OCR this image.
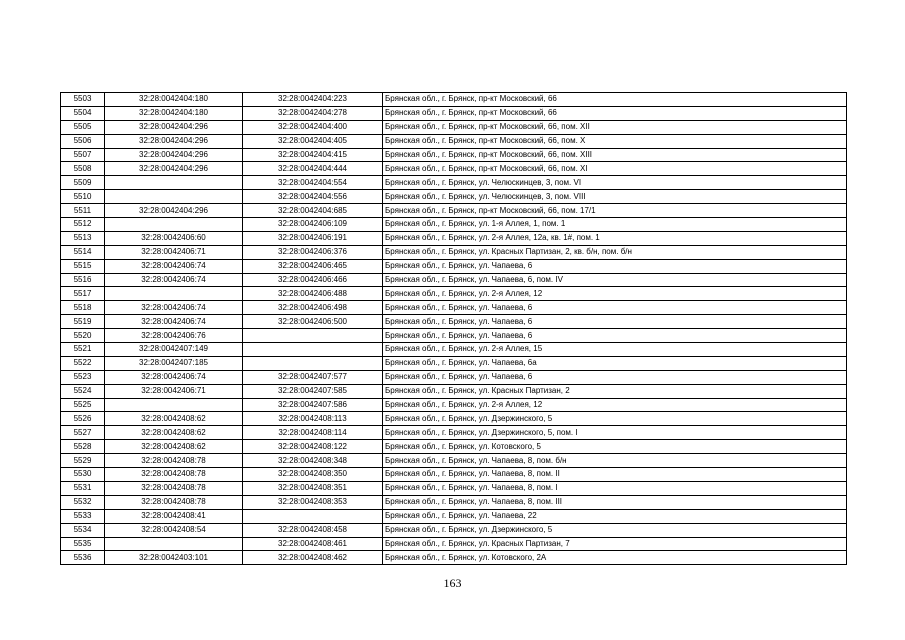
5503	32:28:0042404:180	32:28:0042404:223	Брянская обл., г. Брянск, пр-кт Московский, 66
5504	32:28:0042404:180	32:28:0042404:278	Брянская обл., г. Брянск, пр-кт Московский, 66
5505	32:28:0042404:296	32:28:0042404:400	Брянская обл., г. Брянск, пр-кт Московский, 66, пом. XII
5506	32:28:0042404:296	32:28:0042404:405	Брянская обл., г. Брянск, пр-кт Московский, 66, пом. X
5507	32:28:0042404:296	32:28:0042404:415	Брянская обл., г. Брянск, пр-кт Московский, 66, пом. XIII
5508	32:28:0042404:296	32:28:0042404:444	Брянская обл., г. Брянск, пр-кт Московский, 66, пом. XI
5509		32:28:0042404:554	Брянская обл., г. Брянск, ул. Челюскинцев, 3, пом. VI
5510		32:28:0042404:556	Брянская обл., г. Брянск, ул. Челюскинцев, 3, пом. VIII
5511	32:28:0042404:296	32:28:0042404:685	Брянская обл., г. Брянск, пр-кт Московский, 66, пом. 17/1
5512		32:28:0042406:109	Брянская обл., г. Брянск, ул. 1-я Аллея, 1, пом. 1
5513	32:28:0042406:60	32:28:0042406:191	Брянская обл., г. Брянск, ул. 2-я Аллея, 12а, кв. 1#, пом. 1
5514	32:28:0042406:71	32:28:0042406:376	Брянская обл., г. Брянск, ул. Красных Партизан, 2, кв. б/н, пом. б/н
5515	32:28:0042406:74	32:28:0042406:465	Брянская обл., г. Брянск, ул. Чапаева, 6
5516	32:28:0042406:74	32:28:0042406:466	Брянская обл., г. Брянск, ул. Чапаева, 6, пом. IV
5517		32:28:0042406:488	Брянская обл., г. Брянск, ул. 2-я Аллея, 12
5518	32:28:0042406:74	32:28:0042406:498	Брянская обл., г. Брянск, ул. Чапаева, 6
5519	32:28:0042406:74	32:28:0042406:500	Брянская обл., г. Брянск, ул. Чапаева, 6
5520	32:28:0042406:76		Брянская обл., г. Брянск, ул. Чапаева, 6
5521	32:28:0042407:149		Брянская обл., г. Брянск, ул. 2-я Аллея, 15
5522	32:28:0042407:185		Брянская обл., г. Брянск, ул. Чапаева, 6а
5523	32:28:0042406:74	32:28:0042407:577	Брянская обл., г. Брянск, ул. Чапаева, 6
5524	32:28:0042406:71	32:28:0042407:585	Брянская обл., г. Брянск, ул. Красных Партизан, 2
5525		32:28:0042407:586	Брянская обл., г. Брянск, ул. 2-я Аллея, 12
5526	32:28:0042408:62	32:28:0042408:113	Брянская обл., г. Брянск, ул. Дзержинского, 5
5527	32:28:0042408:62	32:28:0042408:114	Брянская обл., г. Брянск, ул. Дзержинского, 5, пом. I
5528	32:28:0042408:62	32:28:0042408:122	Брянская обл., г. Брянск, ул. Котовского, 5
5529	32:28:0042408:78	32:28:0042408:348	Брянская обл., г. Брянск, ул. Чапаева, 8, пом. б/н
5530	32:28:0042408:78	32:28:0042408:350	Брянская обл., г. Брянск, ул. Чапаева, 8, пом. II
5531	32:28:0042408:78	32:28:0042408:351	Брянская обл., г. Брянск, ул. Чапаева, 8, пом. I
5532	32:28:0042408:78	32:28:0042408:353	Брянская обл., г. Брянск, ул. Чапаева, 8, пом. III
5533	32:28:0042408:41		Брянская обл., г. Брянск, ул. Чапаева, 22
5534	32:28:0042408:54	32:28:0042408:458	Брянская обл., г. Брянск, ул. Дзержинского, 5
5535		32:28:0042408:461	Брянская обл., г. Брянск, ул. Красных Партизан, 7
5536	32:28:0042403:101	32:28:0042408:462	Брянская обл., г. Брянск, ул. Котовского, 2А
163
